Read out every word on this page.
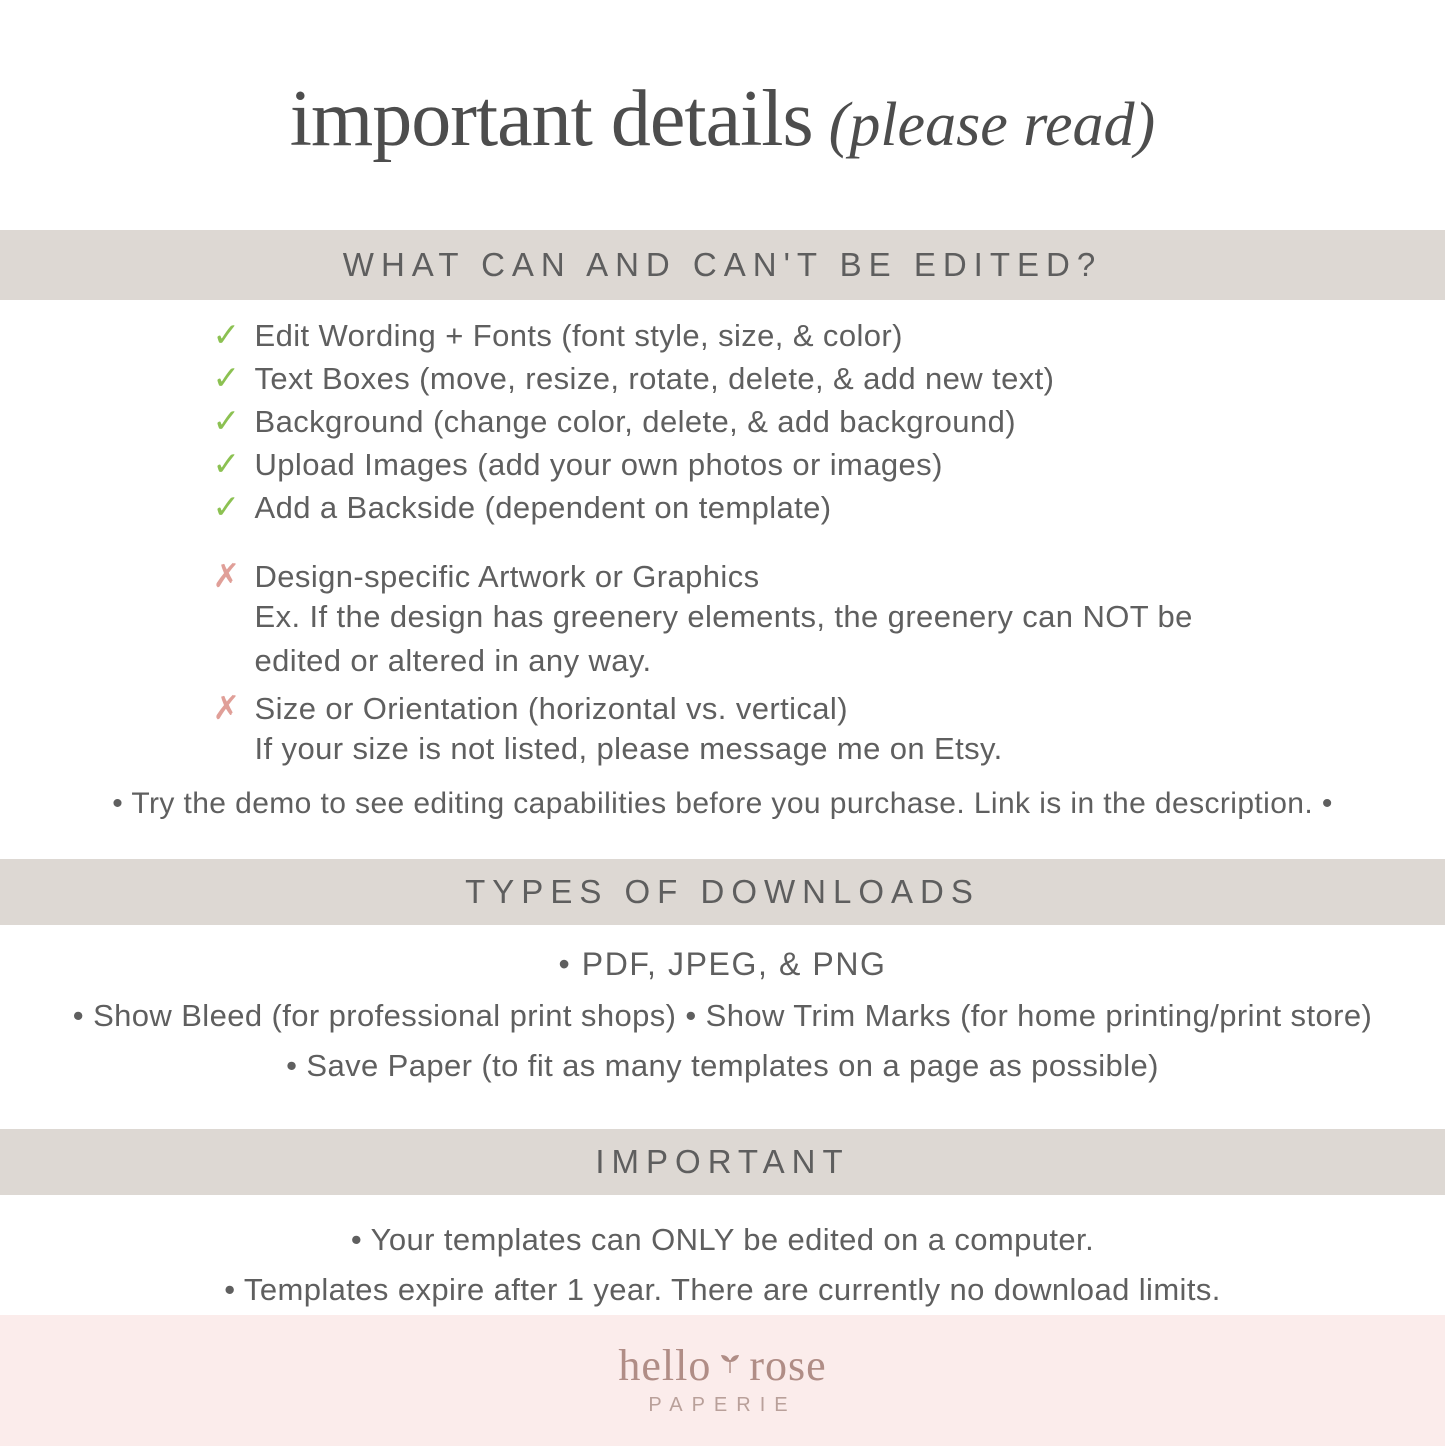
important details (please read)
WHAT CAN AND CAN'T BE EDITED?
✓ Edit Wording + Fonts (font style, size, & color)
✓ Text Boxes (move, resize, rotate, delete, & add new text)
✓ Background (change color, delete, & add background)
✓ Upload Images (add your own photos or images)
✓ Add a Backside (dependent on template)
✗ Design-specific Artwork or Graphics
Ex. If the design has greenery elements, the greenery can NOT be edited or altered in any way.
✗ Size or Orientation (horizontal vs. vertical)
If your size is not listed, please message me on Etsy.
• Try the demo to see editing capabilities before you purchase. Link is in the description. •
TYPES OF DOWNLOADS
• PDF, JPEG, & PNG
• Show Bleed (for professional print shops) • Show Trim Marks (for home printing/print store)
• Save Paper (to fit as many templates on a page as possible)
IMPORTANT
• Your templates can ONLY be edited on a computer.
• Templates expire after 1 year. There are currently no download limits.
hello rose
PAPERIE
